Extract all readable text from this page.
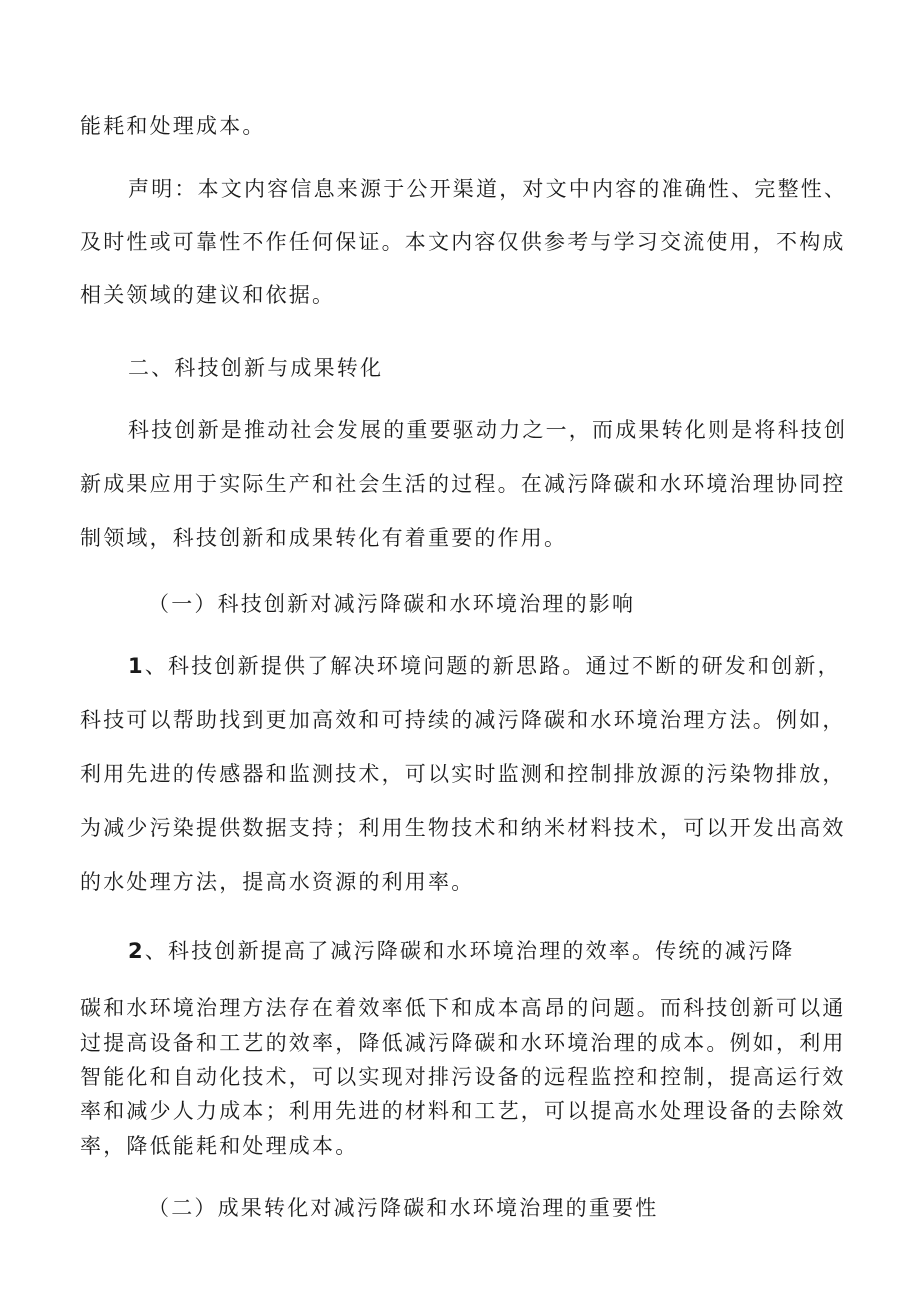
能耗和处理成本。
声明：本文内容信息来源于公开渠道，对文中内容的准确性、完整性、
及时性或可靠性不作任何保证。本文内容仅供参考与学习交流使用，不构成
相关领域的建议和依据。
二、科技创新与成果转化
科技创新是推动社会发展的重要驱动力之一，而成果转化则是将科技创
新成果应用于实际生产和社会生活的过程。在减污降碳和水环境治理协同控
制领域，科技创新和成果转化有着重要的作用。
（一）科技创新对减污降碳和水环境治理的影响
1、科技创新提供了解决环境问题的新思路。通过不断的研发和创新，
科技可以帮助找到更加高效和可持续的减污降碳和水环境治理方法。例如，
利用先进的传感器和监测技术，可以实时监测和控制排放源的污染物排放，
为减少污染提供数据支持；利用生物技术和纳米材料技术，可以开发出高效
的水处理方法，提高水资源的利用率。
2、科技创新提高了减污降碳和水环境治理的效率。传统的减污降
碳和水环境治理方法存在着效率低下和成本高昂的问题。而科技创新可以通
过提高设备和工艺的效率，降低减污降碳和水环境治理的成本。例如，利用
智能化和自动化技术，可以实现对排污设备的远程监控和控制，提高运行效
率和减少人力成本；利用先进的材料和工艺，可以提高水处理设备的去除效
率，降低能耗和处理成本。
（二）成果转化对减污降碳和水环境治理的重要性
